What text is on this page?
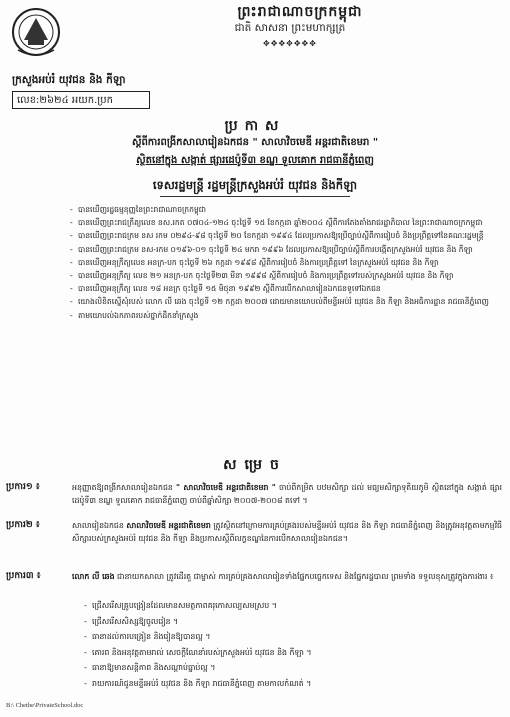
ព្រះរាជាណាចក្រកម្ពុជា
ជាតិ សាសនា ព្រះមហាក្សត្រ
✥✥✥✥✥✥✥
ក្រសួងអប់រំ យុវជន និង កីឡា
លេខ:២៦២៤ អយក.ប្រក
ប្រកាស
ស្តីពីការពង្រីកសាលារៀនឯកជន " សាលាវិចមេឌី អន្តរជាតិខេមរា "
ស្ថិតនៅក្នុង សង្កាត់ ផ្សារដេប៉ូទី៣ ខណ្ឌ ទួលគោក រាជធានីភ្នំពេញ
ទេសរដ្ឋមន្រ្តី រដ្ឋមន្រ្តីក្រសួងអប់រំ យុវជន និងកីឡា
- បានឃើញរដ្ឋធម្មនុញ្ញនៃព្រះរាជាណាចក្រកម្ពុជា
- បានឃើញព្រះរាជក្រឹត្យលេខ នស.រកត ០៧០៤-១២៤ ចុះថ្ងៃទី ១៥ ខែកក្កដា ឆ្នាំ២០០៤ ស្តីពីការតែងតាំងរាជរដ្ឋាភិបាល នៃព្រះរាជាណាចក្រកម្ពុជា
- បានឃើញព្រះរាជក្រម នស រកម ០២៩៤-៩៨ ចុះថ្ងៃទី ២០ ខែកក្កដា ១៩៩៤ ដែលប្រកាសឱ្យប្រើច្បាប់ស្តីពីការរៀបចំ និងប្រព្រឹត្តទៅនៃគណៈរដ្ឋមន្ត្រី
- បានឃើញព្រះរាជក្រម នស-រកម ០១៩៦-០១ ចុះថ្ងៃទី ២៤ មករា ១៩៩៦ ដែលប្រកាសឱ្យប្រើច្បាប់ស្តីពីការបង្កើតក្រសួងអប់រំ យុវជន និង កីឡា
- បានឃើញអនុក្រឹត្យលេខ អនក្រ-បក ចុះថ្ងៃទី ២៦ កក្កដា ១៩៩៨ ស្តីពីការរៀបចំ និងការប្រព្រឹត្តទៅ នៃក្រសួងអប់រំ យុវជន និង កីឡា
- បានឃើញអនុក្រឹត្យ លេខ ២១ អនក្រ-បក ចុះថ្ងៃទី២៣ មីនា ១៩៩៨ ស្តីពីការរៀបចំ និងការប្រព្រឹត្តទៅរបស់ក្រសួងអប់រំ យុវជន និង កីឡា
- បានឃើញអនុក្រឹត្យ លេខ ១៨ អនក្រ ចុះថ្ងៃទី ១៥ មិថុនា ១៩៩២ ស្តីពីការបើកសាលារៀនឯកជនទូទៅឯកជន
- យោងលិខិតស្នើសុំរបស់ លោក លី ឆេង ចុះថ្ងៃទី ១២ កក្កដា ២០០៧ ដោយមានយោបល់ពីមន្ទីរអប់រំ យុវជន និង កីឡា និងអធិការដ្ឋាន រាជធានីភ្នំពេញ
- តាមយោបល់ឯកភាពរបស់ថ្នាក់ដឹកនាំក្រសួង
សម្រេច
ប្រការ១ ៖	អនុញ្ញាតឱ្យពង្រីកសាលារៀនឯកជន " សាលាវិចមេឌី អន្តរជាតិខេមរា " ចាប់ពីកម្រិត បឋមសិក្សា ដល់ មធ្យមសិក្សាទុតិយភូមិ ស្ថិតនៅក្នុង សង្កាត់ ផ្សារដេប៉ូទី៣ ខណ្ឌ ទួលគោក រាជធានីភ្នំពេញ ចាប់ពីឆ្នាំសិក្សា ២០០៧-២០០៨ តទៅ ។
ប្រការ២ ៖	សាលារៀនឯកជន សាលាវិចមេឌី អន្តរជាតិខេមរា ត្រូវស្ថិតនៅក្រោមការគ្រប់គ្រងរបស់មន្ទីរអប់រំ យុវជន និង កីឡា រាជធានីភ្នំពេញ និងត្រូវអនុវត្តតាមកម្មវិធីសិក្សារបស់ក្រសួងអប់រំ យុវជន និង កីឡា និងប្រកាសស្តីពីលក្ខខណ្ឌនៃការបើកសាលារៀនឯកជន។
ប្រការ៣ ៖	លោក លី ឆេង ជានាយកសាលា ត្រូវដើរតួ ជាម្ចាស់ ការគ្រប់គ្រងសាលារៀនទាំងផ្នែកបច្ចេកទេស និងផ្នែករដ្ឋបាល ព្រមទាំង ទទួលខុសត្រូវក្នុងការងារ ៖
- ជ្រើសរើសគ្រូបង្រៀនដែលមានសមត្ថភាពគរុកោសល្យសមស្រប ។
- ជ្រើសរើសសិស្សឱ្យចូលរៀន ។
- ធានាដល់ការបង្រៀន និងរៀនឱ្យបានល្អ ។
- គោរព និងអនុវត្តតាមរាល់ សេចក្តីណែនាំរបស់ក្រសួងអប់រំ យុវជន និង កីឡា ។
- ធានាឱ្យមានសន្តិភាព និងសណ្តាប់ធ្នាប់ល្អ ។
- រាយការណ៍ជូនមន្ទីរអប់រំ យុវជន និង កីឡា រាជធានីភ្នំពេញ តាមកាលកំណត់ ។
B:\ Chethe\PrivateSchool.doc
